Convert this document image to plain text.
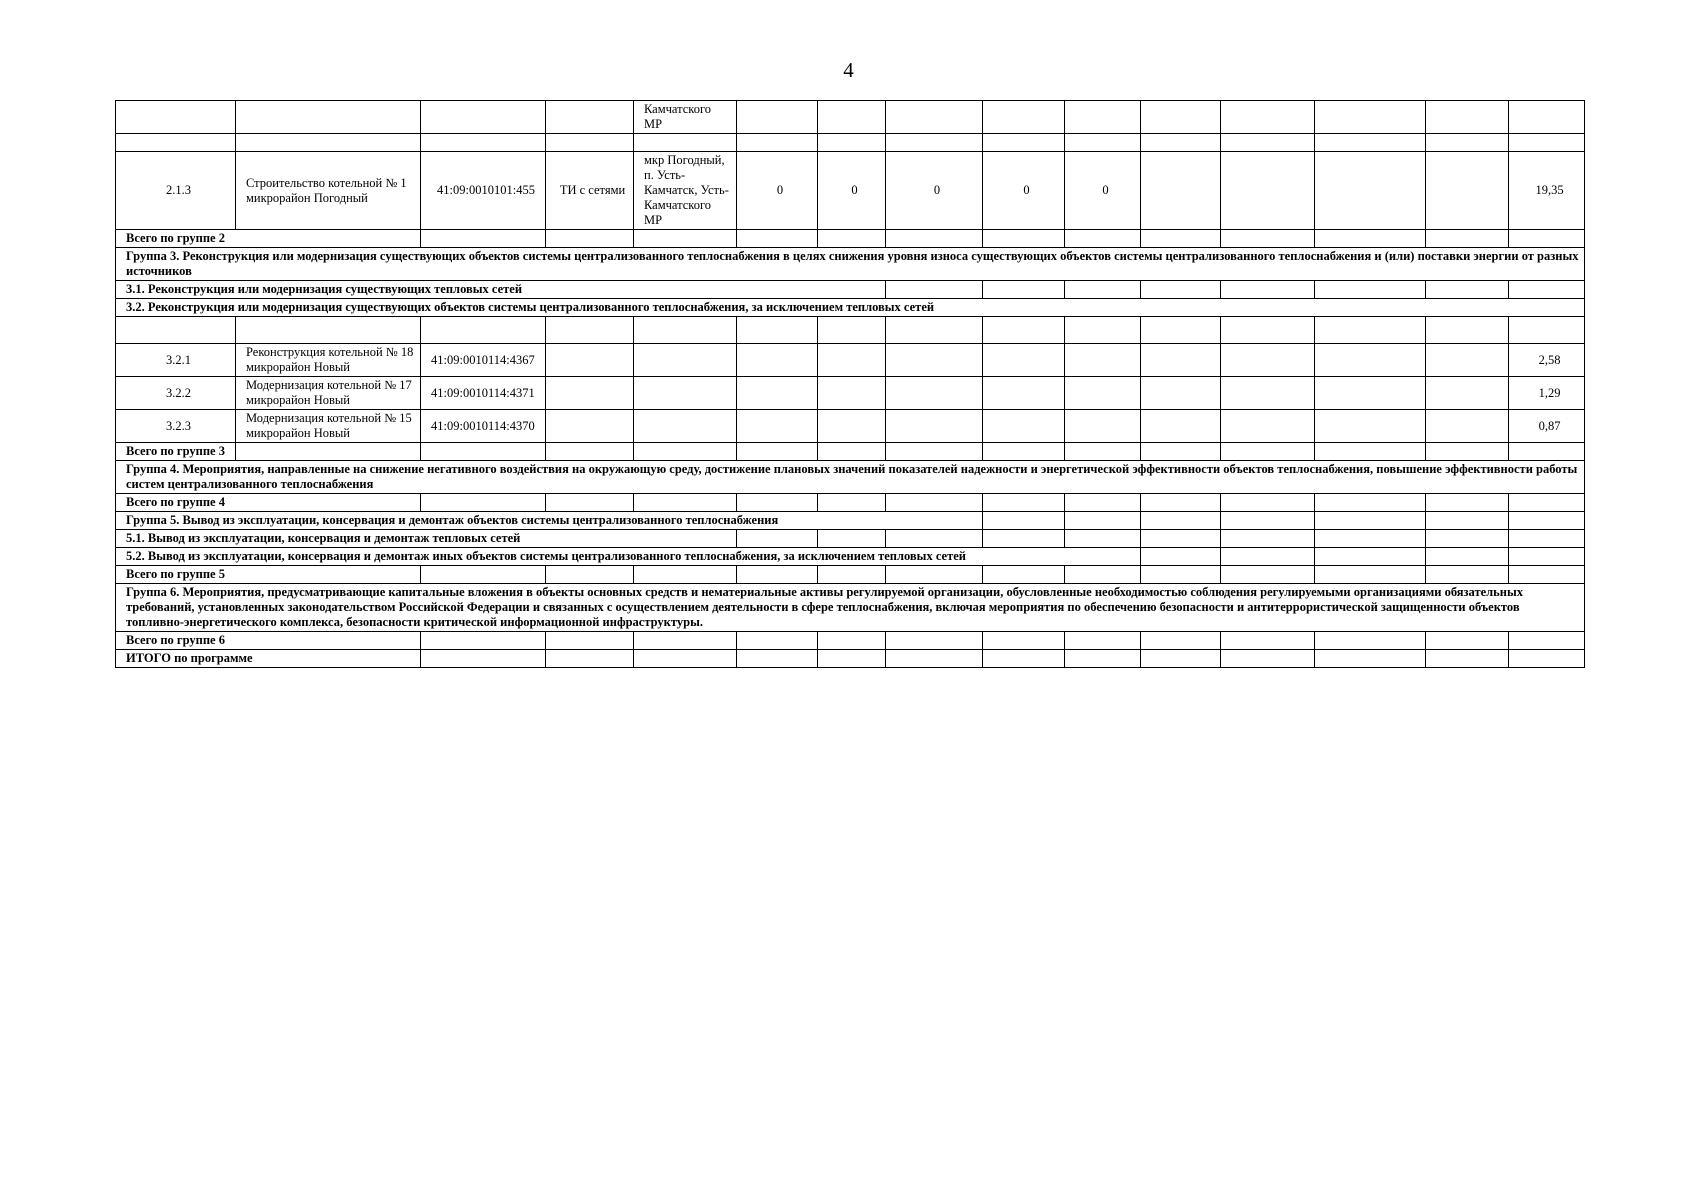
4
				Камчатского МР										

2.1.3	Строительство котельной № 1 микрорайон Погодный	41:09:0010101:455	ТИ с сетями	мкр Погодный, п. Усть-Камчатск, Усть-Камчатского МР	0	0	0	0	0					19,35
Всего по группе 2														
Группа 3. Реконструкция или модернизация существующих объектов системы централизованного теплоснабжения в целях снижения уровня износа существующих объектов системы централизованного теплоснабжения и (или) поставки энергии от разных источников														
3.1. Реконструкция или модернизация существующих тепловых сетей														
3.2. Реконструкция или модернизация существующих объектов системы централизованного теплоснабжения, за исключением тепловых сетей														

3.2.1	Реконструкция котельной № 18 микрорайон Новый	41:09:0010114:4367												2,58
3.2.2	Модернизация котельной № 17 микрорайон Новый	41:09:0010114:4371												1,29
3.2.3	Модернизация котельной № 15 микрорайон Новый	41:09:0010114:4370												0,87
Всего по группе 3														
Группа 4. Мероприятия, направленные на снижение негативного воздействия на окружающую среду, достижение плановых значений показателей надежности и энергетической эффективности объектов теплоснабжения, повышение эффективности работы систем централизованного теплоснабжения														
Всего по группе 4														
Группа 5. Вывод из эксплуатации, консервация и демонтаж объектов системы централизованного теплоснабжения														
5.1. Вывод из эксплуатации, консервация и демонтаж тепловых сетей														
5.2. Вывод из эксплуатации, консервация и демонтаж иных объектов системы централизованного теплоснабжения, за исключением тепловых сетей														
Всего по группе 5														
Группа 6. Мероприятия, предусматривающие капитальные вложения в объекты основных средств и нематериальные активы регулируемой организации, обусловленные необходимостью соблюдения регулируемыми организациями обязательных требований, установленных законодательством Российской Федерации и связанных с осуществлением деятельности в сфере теплоснабжения, включая мероприятия по обеспечению безопасности и антитеррористической защищенности объектов топливно-энергетического комплекса, безопасности критической информационной инфраструктуры.														
Всего по группе 6														
ИТОГО по программе														
